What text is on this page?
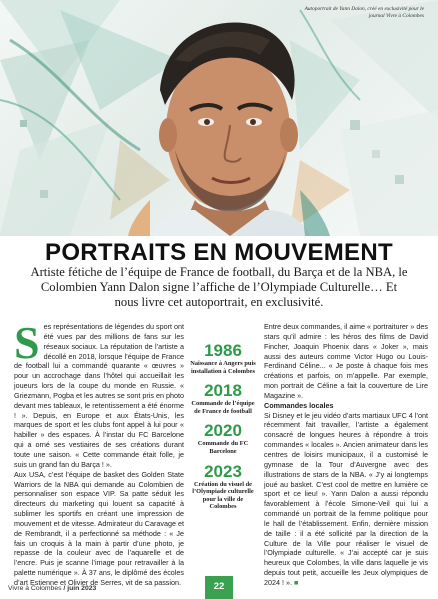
Autoportrait de Yann Dalon, créé en exclusivité pour le journal Vivre à Colombes
PORTRAITS EN MOUVEMENT
Artiste fétiche de l’équipe de France de football, du Barça et de la NBA, le Colombien Yann Dalon signe l’affiche de l’Olympiade Culturelle… Et nous livre cet autoportrait, en exclusivité.

Ses représentations de légendes du sport ont été vues par des millions de fans sur les réseaux sociaux. La réputation de l’artiste a décollé en 2018, lorsque l’équipe de France de football lui a commandé quarante « œuvres » pour un accrochage dans l’hôtel qui accueillait les joueurs lors de la coupe du monde en Russie. « Griezmann, Pogba et les autres se sont pris en photo devant mes tableaux, le retentissement a été énorme ! ». Depuis, en Europe et aux États-Unis, les marques de sport et les clubs font appel à lui pour « habiller » des espaces. À l’instar du FC Barcelone qui a orné ses vestiaires de ses créations durant toute une saison. « Cette commande était folle, je suis un grand fan du Barça ! ».

Aux USA, c’est l’équipe de basket des Golden State Warriors de la NBA qui demande au Colombien de personnaliser son espace VIP. Sa patte séduit les directeurs du marketing qui louent sa capacité à sublimer les sportifs en créant une impression de mouvement et de vitesse. Admirateur du Caravage et de Rembrandt, il a perfectionné sa méthode : « Je fais un croquis à la main à partir d’une photo, je repasse de la couleur avec de l’aquarelle et de l’encre. Puis je scanne l’image pour retravailler à la palette numérique ». À 37 ans, le diplômé des écoles d’art Estienne et Olivier de Serres, vit de sa passion.

1986
Naissance à Angers puis installation à Colombes
2018
Commande de l’équipe de France de football
2020
Commande du FC Barcelone
2023
Création du visuel de l’Olympiade culturelle pour la ville de Colombes

Entre deux commandes, il aime « portraiturer » des stars qu’il admire : les héros des films de David Fincher, Joaquin Phoenix dans « Joker », mais aussi des auteurs comme Victor Hugo ou Louis-Ferdinand Céline... « Je poste à chaque fois mes créations et parfois, on m’appelle. Par exemple, mon portrait de Céline a fait la couverture de Lire Magazine ».

Commandes locales

Si Disney et le jeu vidéo d’arts martiaux UFC 4 l’ont récemment fait travailler, l’artiste a également consacré de longues heures à répondre à trois commandes « locales ». Ancien animateur dans les centres de loisirs municipaux, il a customisé le gymnase de la Tour d’Auvergne avec des illustrations de stars de la NBA. « J’y ai longtemps joué au basket. C’est cool de mettre en lumière ce sport et ce lieu! ». Yann Dalon a aussi répondu favorablement à l’école Simone-Veil qui lui a commandé un portrait de la femme politique pour le hall de l’établissement. Enfin, dernière mission de taille : il a été sollicité par la direction de la Culture de la Ville pour réaliser le visuel de l’Olympiade culturelle. « J’ai accepté car je suis heureux que Colombes, la ville dans laquelle je vis depuis tout petit, accueille les Jeux olympiques de 2024 ! ». ■

Vivre à Colombes / juin 2023	22
